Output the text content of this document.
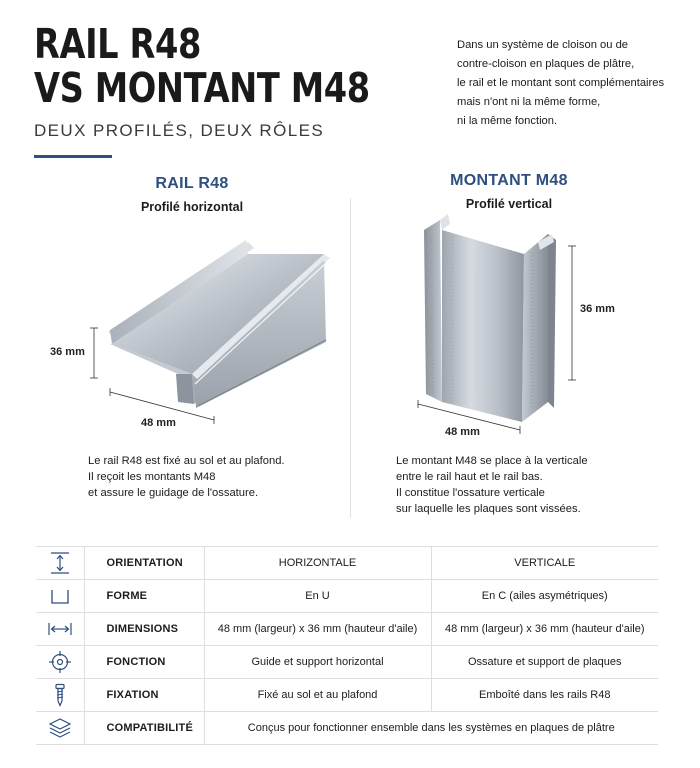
RAIL R48
VS MONTANT M48
DEUX PROFILÉS, DEUX RÔLES
Dans un système de cloison ou de
contre-cloison en plaques de plâtre,
le rail et le montant sont complémentaires
mais n'ont ni la même forme,
ni la même fonction.
RAIL R48
Profilé horizontal
36 mm
48 mm
Le rail R48 est fixé au sol et au plafond.
Il reçoit les montants M48
et assure le guidage de l'ossature.
MONTANT M48
Profilé vertical
36 mm
48 mm
Le montant M48 se place à la verticale
entre le rail haut et le rail bas.
Il constitue l'ossature verticale
sur laquelle les plaques sont vissées.
	ORIENTATION	HORIZONTALE	VERTICALE
	FORME	En U	En C (ailes asymétriques)
	DIMENSIONS	48 mm (largeur) x 36 mm (hauteur d'aile)	48 mm (largeur) x 36 mm (hauteur d'aile)
	FONCTION	Guide et support horizontal	Ossature et support de plaques
	FIXATION	Fixé au sol et au plafond	Emboîté dans les rails R48
	COMPATIBILITÉ	Conçus pour fonctionner ensemble dans les systèmes en plaques de plâtre	
